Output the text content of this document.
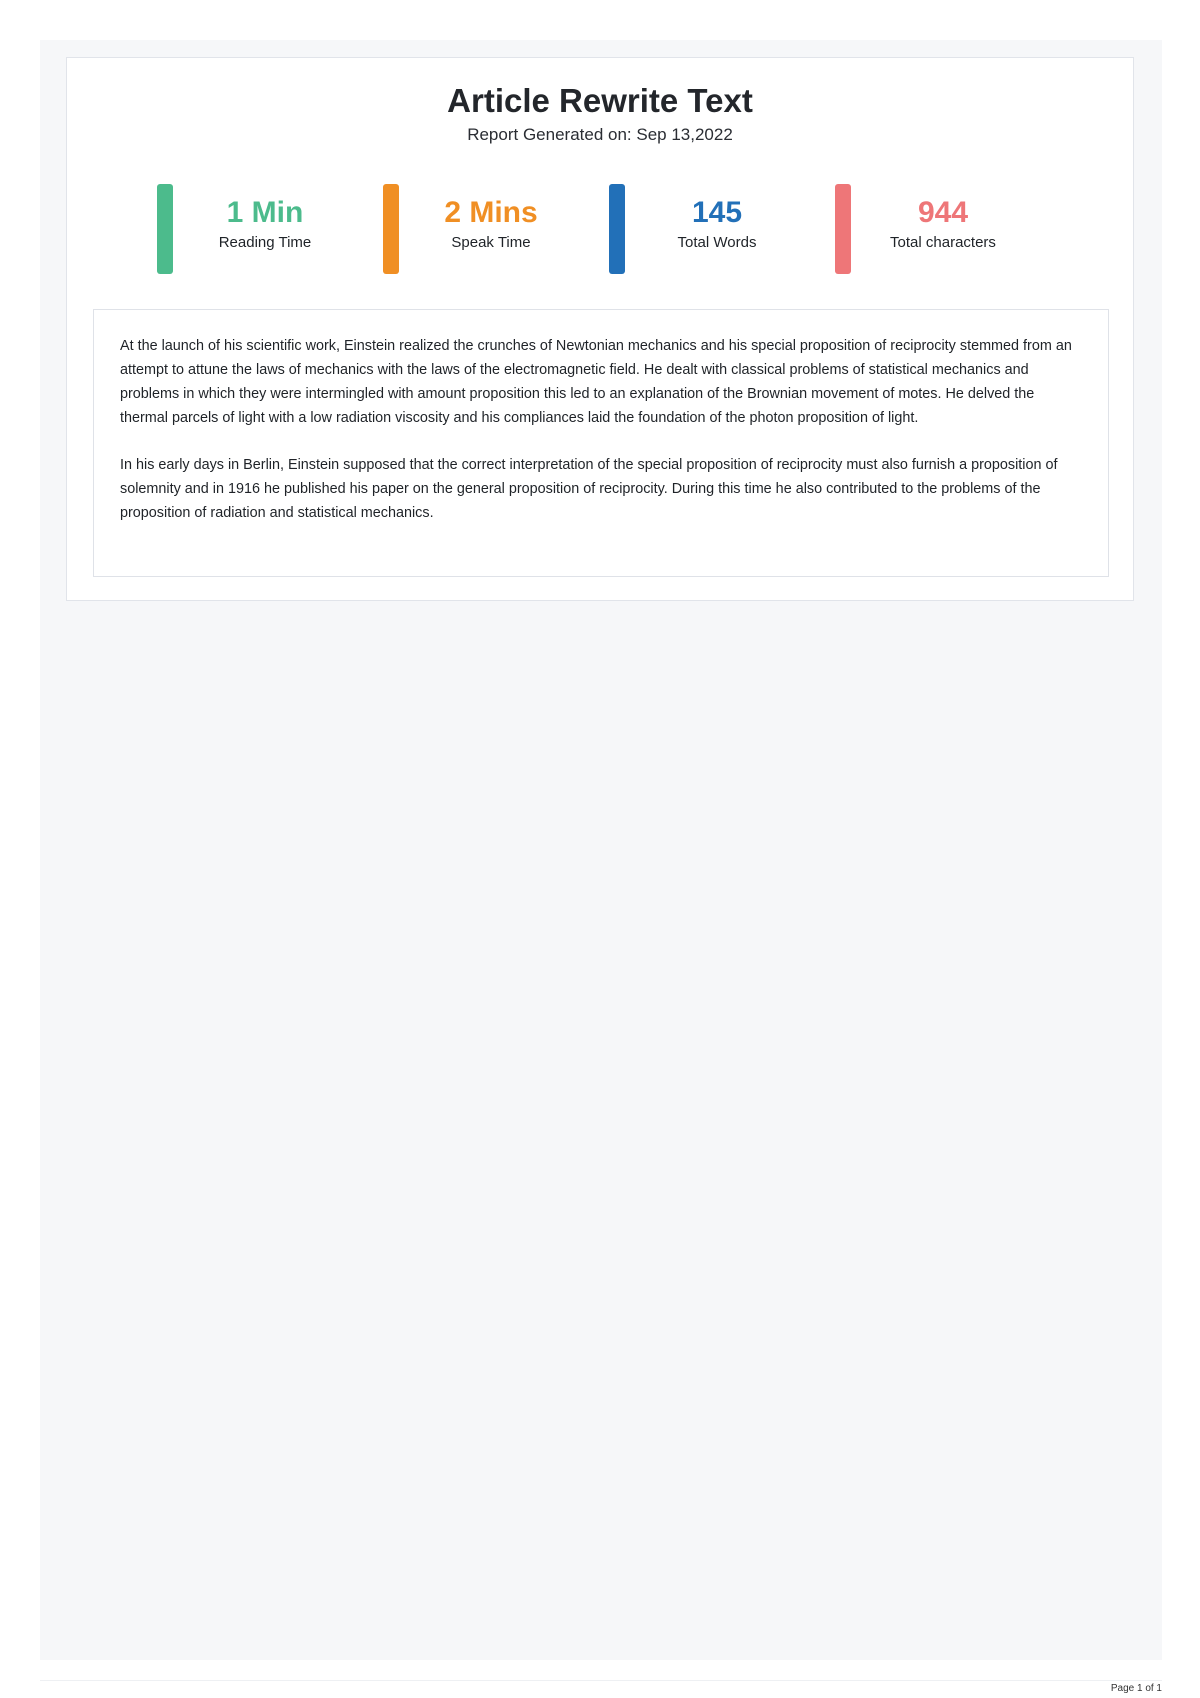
Article Rewrite Text
Report Generated on: Sep 13,2022
1 Min
Reading Time
2 Mins
Speak Time
145
Total Words
944
Total characters

At the launch of his scientific work, Einstein realized the crunches of Newtonian mechanics and his special proposition of reciprocity stemmed from an attempt to attune the laws of mechanics with the laws of the electromagnetic field. He dealt with classical problems of statistical mechanics and problems in which they were intermingled with amount proposition this led to an explanation of the Brownian movement of motes. He delved the thermal parcels of light with a low radiation viscosity and his compliances laid the foundation of the photon proposition of light.

In his early days in Berlin, Einstein supposed that the correct interpretation of the special proposition of reciprocity must also furnish a proposition of solemnity and in 1916 he published his paper on the general proposition of reciprocity. During this time he also contributed to the problems of the proposition of radiation and statistical mechanics.

Page 1 of 1
